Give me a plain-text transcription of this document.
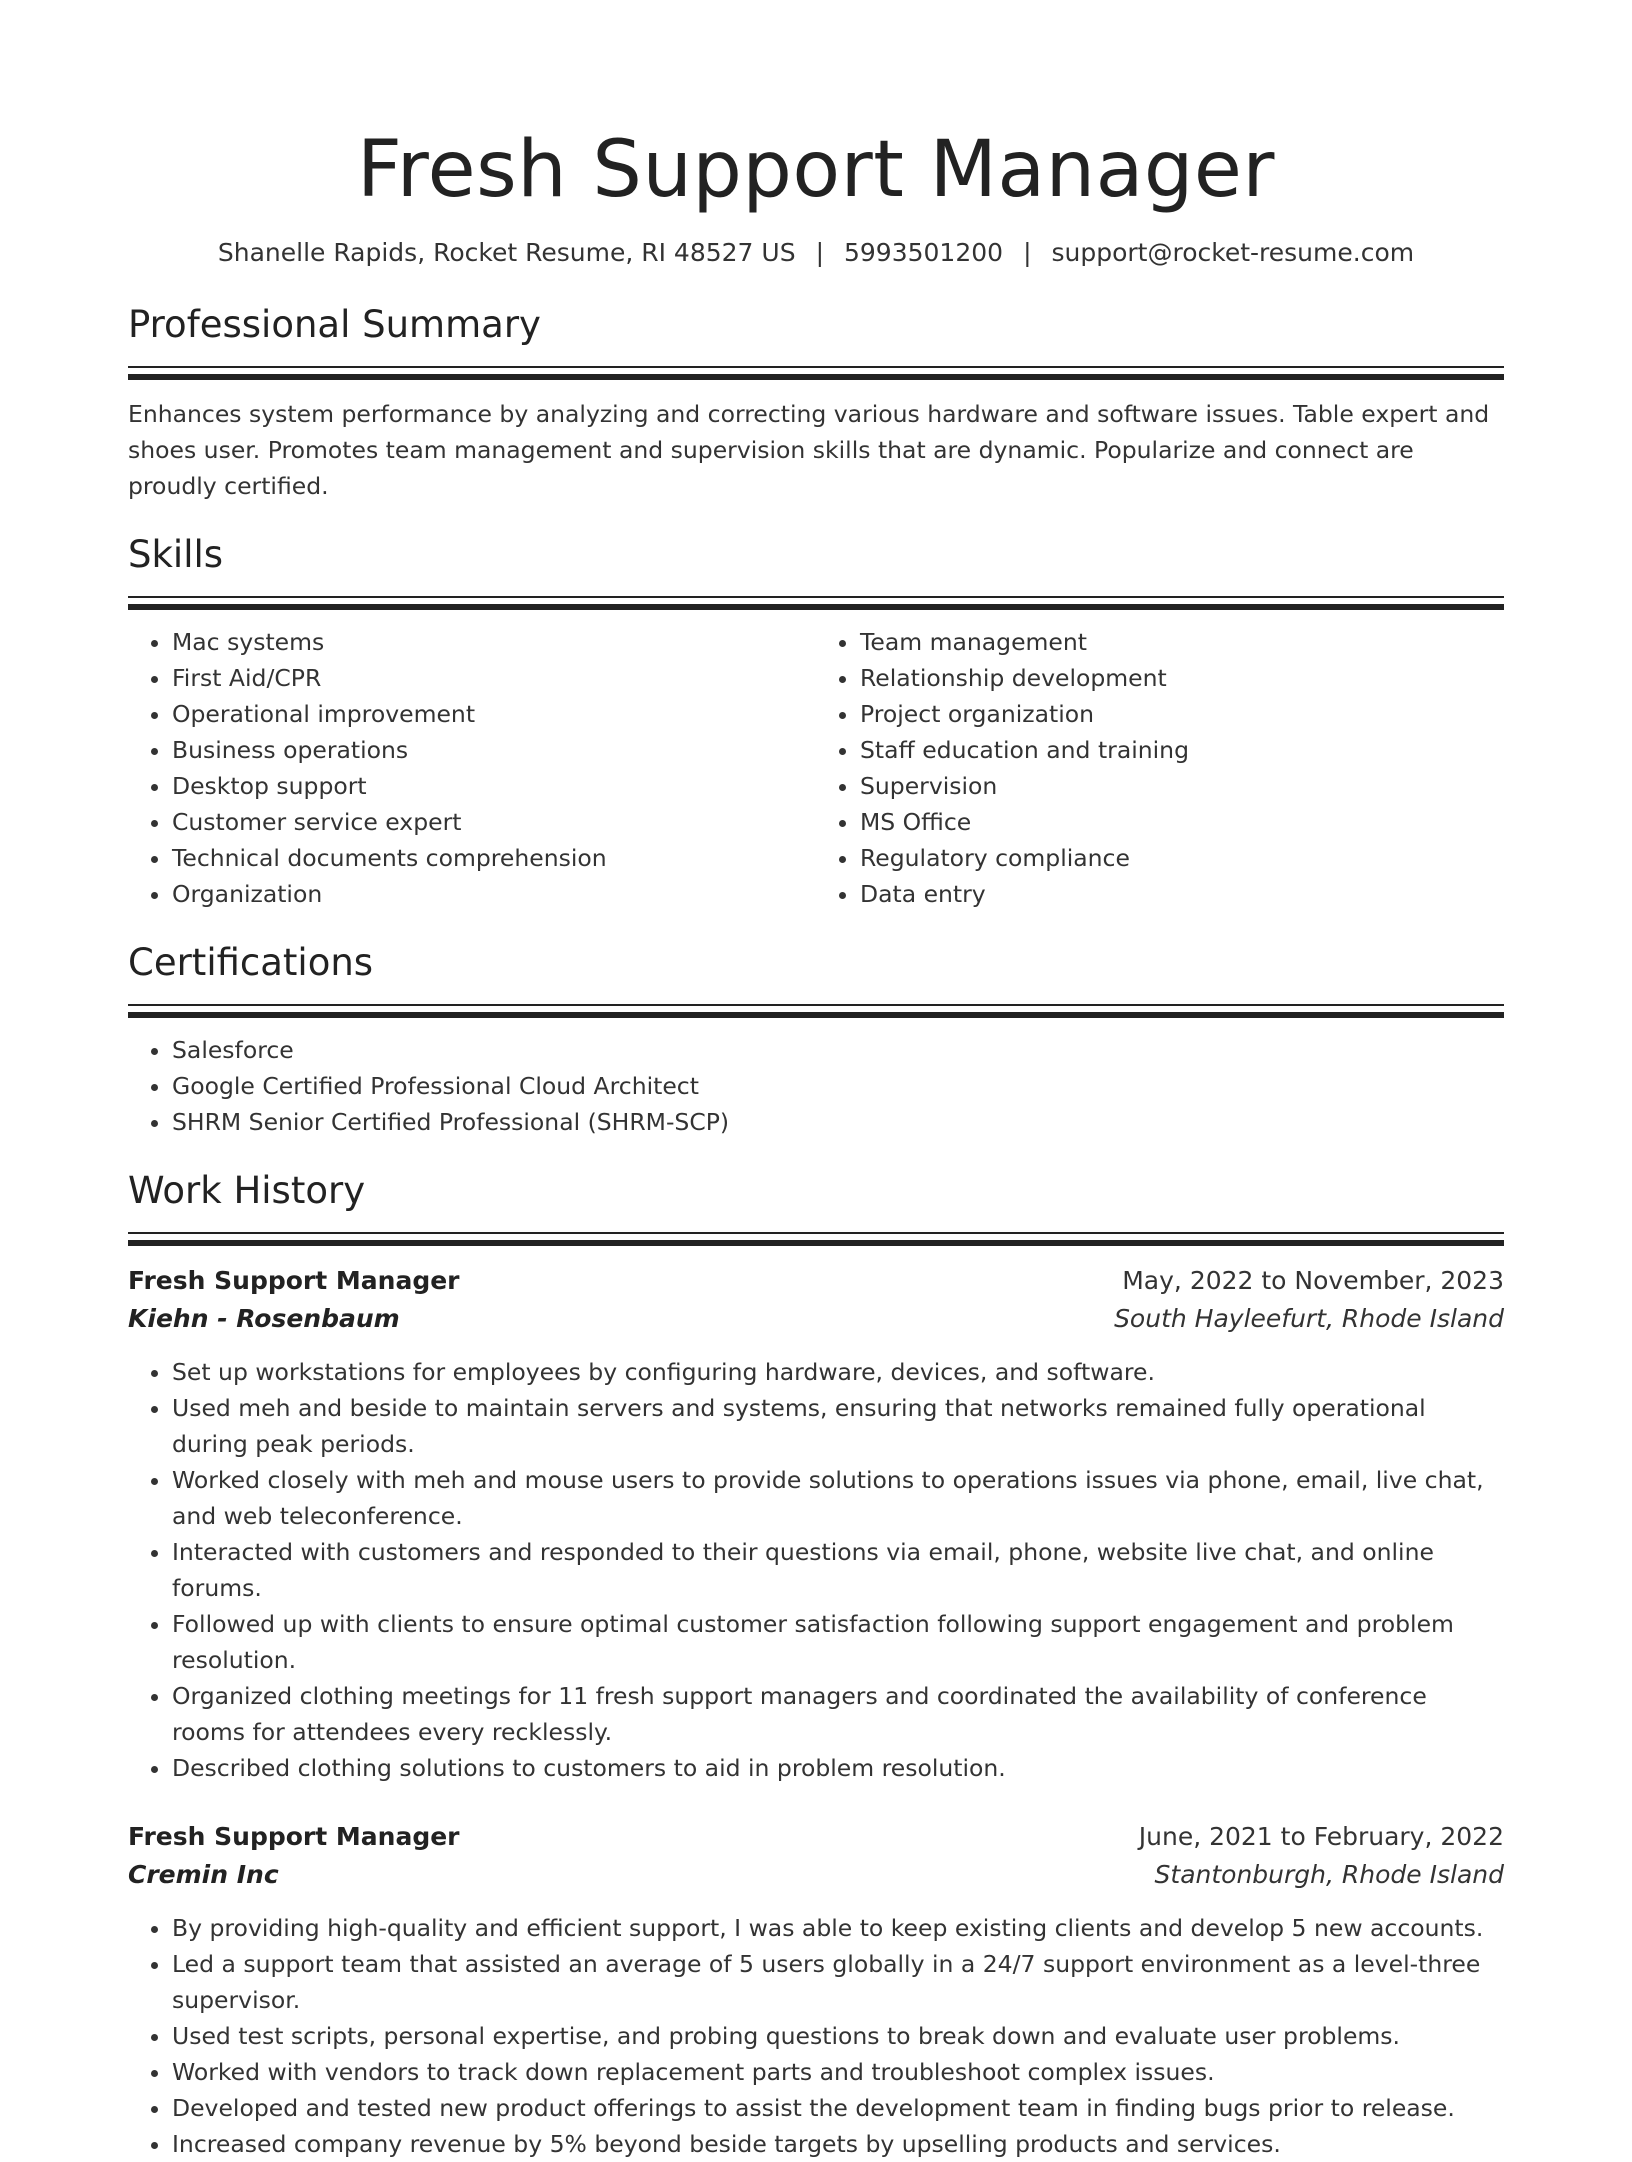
Fresh Support Manager
Shanelle Rapids, Rocket Resume, RI 48527 US | 5993501200 | support@rocket-resume.com
Professional Summary

Enhances system performance by analyzing and correcting various hardware and software issues. Table expert and shoes user. Promotes team management and supervision skills that are dynamic. Popularize and connect are proudly certified.

Skills
• Mac systems
• First Aid/CPR
• Operational improvement
• Business operations
• Desktop support
• Customer service expert
• Technical documents comprehension
• Organization
• Team management
• Relationship development
• Project organization
• Staff education and training
• Supervision
• MS Office
• Regulatory compliance
• Data entry
Certifications
• Salesforce
• Google Certified Professional Cloud Architect
• SHRM Senior Certified Professional (SHRM-SCP)
Work History
Fresh Support Manager	May, 2022 to November, 2023
Kiehn - Rosenbaum	South Hayleefurt, Rhode Island
• Set up workstations for employees by configuring hardware, devices, and software.
• Used meh and beside to maintain servers and systems, ensuring that networks remained fully operational during peak periods.
• Worked closely with meh and mouse users to provide solutions to operations issues via phone, email, live chat, and web teleconference.
• Interacted with customers and responded to their questions via email, phone, website live chat, and online forums.
• Followed up with clients to ensure optimal customer satisfaction following support engagement and problem resolution.
• Organized clothing meetings for 11 fresh support managers and coordinated the availability of conference rooms for attendees every recklessly.
• Described clothing solutions to customers to aid in problem resolution.
Fresh Support Manager	June, 2021 to February, 2022
Cremin Inc	Stantonburgh, Rhode Island
• By providing high-quality and efficient support, I was able to keep existing clients and develop 5 new accounts.
• Led a support team that assisted an average of 5 users globally in a 24/7 support environment as a level-three supervisor.
• Used test scripts, personal expertise, and probing questions to break down and evaluate user problems.
• Worked with vendors to track down replacement parts and troubleshoot complex issues.
• Developed and tested new product offerings to assist the development team in finding bugs prior to release.
• Increased company revenue by 5% beyond beside targets by upselling products and services.
